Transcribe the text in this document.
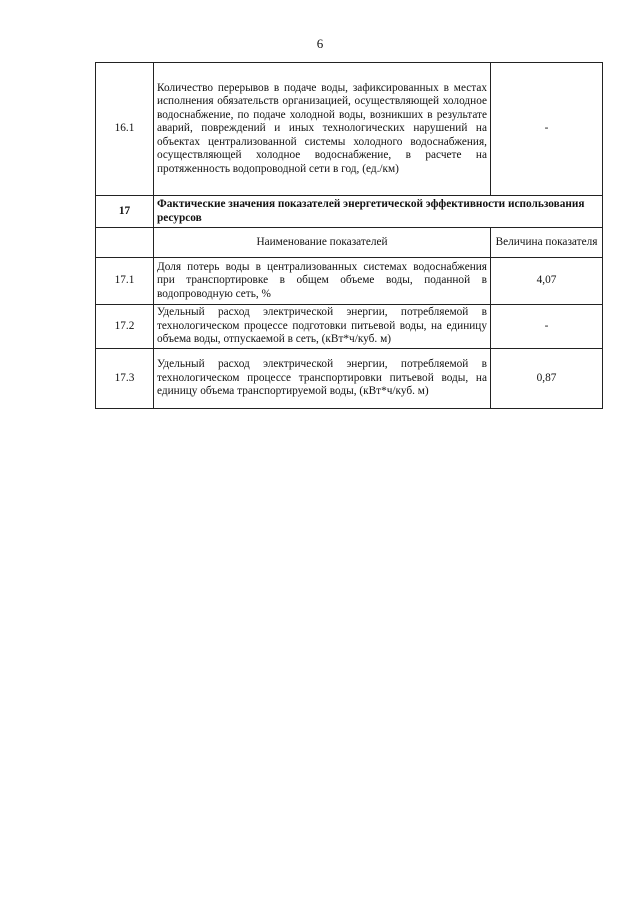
6
16.1	Количество перерывов в подаче воды, зафиксированных в местах исполнения обязательств организацией, осуществляющей холодное водоснабжение, по подаче холодной воды, возникших в результате аварий, повреждений и иных технологических нарушений на объектах централизованной системы холодного водоснабжения, осуществляющей холодное водоснабжение, в расчете на протяженность водопроводной сети в год, (ед./км)	-
17	Фактические значения показателей энергетической эффективности использования ресурсов	
	Наименование показателей	Величина показателя
17.1	Доля потерь воды в централизованных системах водоснабжения при транспортировке в общем объеме воды, поданной в водопроводную сеть, %	4,07
17.2	Удельный расход электрической энергии, потребляемой в технологическом процессе подготовки питьевой воды, на единицу объема воды, отпускаемой в сеть, (кВт*ч/куб. м)	-
17.3	Удельный расход электрической энергии, потребляемой в технологическом процессе транспортировки питьевой воды, на единицу объема транспортируемой воды, (кВт*ч/куб. м)	0,87
